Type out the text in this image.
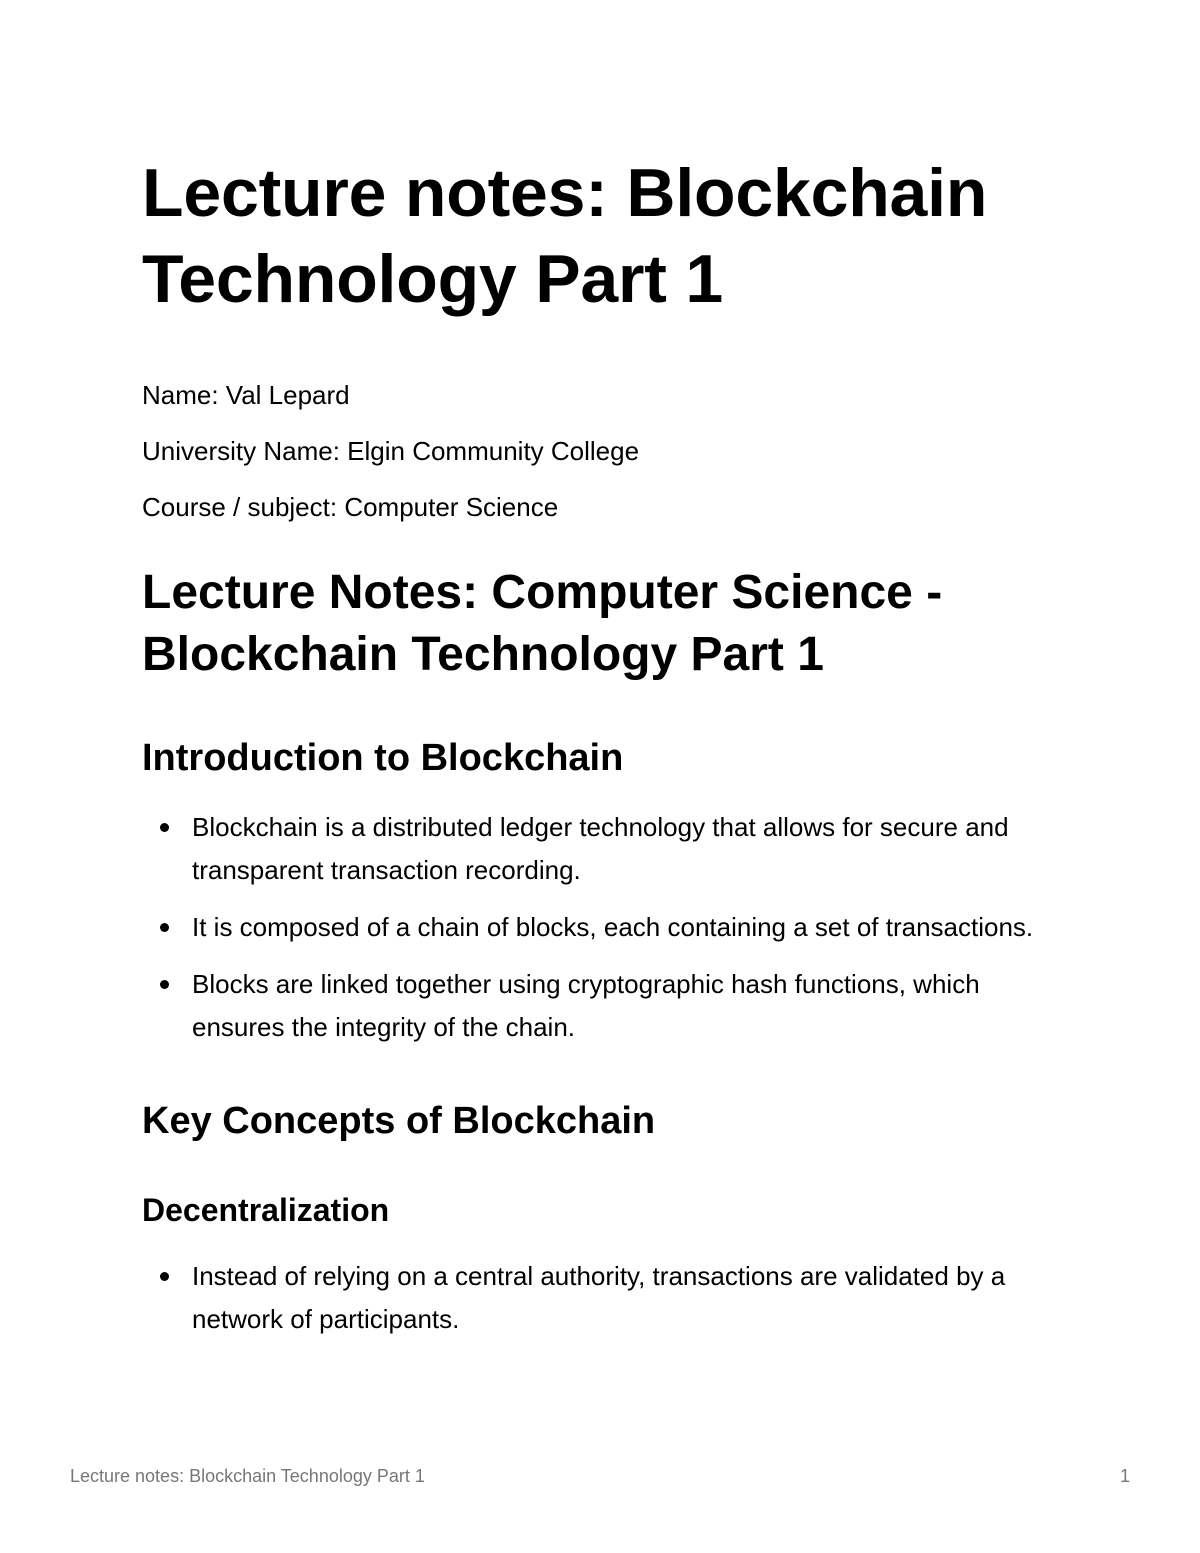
Lecture notes: Blockchain Technology Part 1

Name: Val Lepard

University Name: Elgin Community College

Course / subject: Computer Science

Lecture Notes: Computer Science - Blockchain Technology Part 1
Introduction to Blockchain
Blockchain is a distributed ledger technology that allows for secure and transparent transaction recording.
It is composed of a chain of blocks, each containing a set of transactions.
Blocks are linked together using cryptographic hash functions, which ensures the integrity of the chain.
Key Concepts of Blockchain
Decentralization
Instead of relying on a central authority, transactions are validated by a network of participants.
Lecture notes: Blockchain Technology Part 1	1
